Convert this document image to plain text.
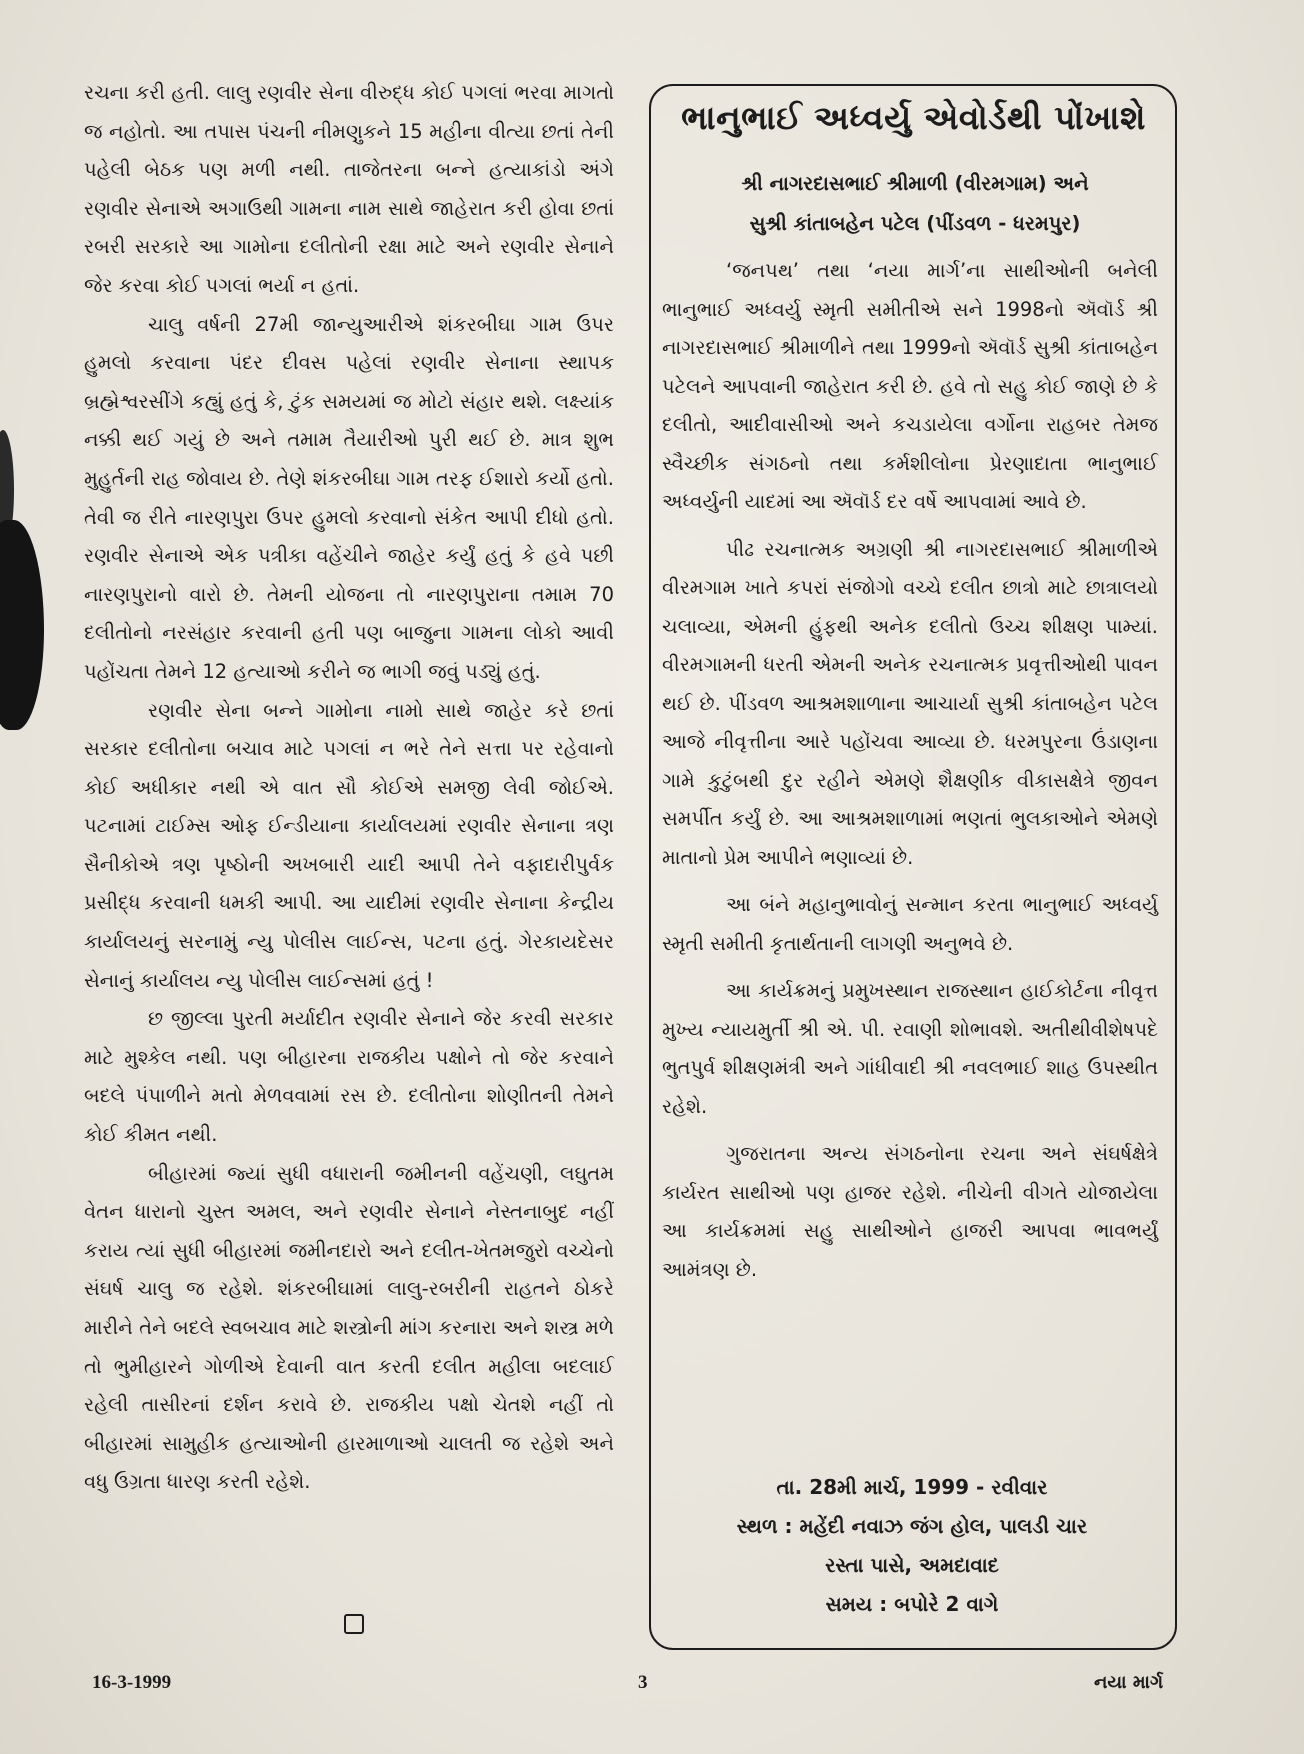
રચના કરી હતી. લાલુ રણવીર સેના વીરુદ્ધ કોઈ પગલાં ભરવા માગતો જ નહોતો. આ તપાસ પંચની નીમણુકને 15 મહીના વીત્યા છતાં તેની પહેલી બેઠક પણ મળી નથી. તાજેતરના બન્ને હત્યાકાંડો અંગે રણવીર સેનાએ અગાઉથી ગામના નામ સાથે જાહેરાત કરી હોવા છતાં રબરી સરકારે આ ગામોના દલીતોની રક્ષા માટે અને રણવીર સેનાને જેર કરવા કોઈ પગલાં ભર્યા ન હતાં.

ચાલુ વર્ષની 27મી જાન્યુઆરીએ શંકરબીઘા ગામ ઉપર હુમલો કરવાના પંદર દીવસ પહેલાં રણવીર સેનાના સ્થાપક બ્રહ્મેશ્વરસીંગે કહ્યું હતું કે, ટુંક સમયમાં જ મોટો સંહાર થશે. લક્ષ્યાંક નક્કી થઈ ગયું છે અને તમામ તૈયારીઓ પુરી થઈ છે. માત્ર શુભ મુહુર્તની રાહ જોવાય છે. તેણે શંકરબીઘા ગામ તરફ ઈશારો કર્યો હતો. તેવી જ રીતે નારણપુરા ઉપર હુમલો કરવાનો સંકેત આપી દીધો હતો. રણવીર સેનાએ એક પત્રીકા વહેંચીને જાહેર કર્યું હતું કે હવે પછી નારણપુરાનો વારો છે. તેમની યોજના તો નારણપુરાના તમામ 70 દલીતોનો નરસંહાર કરવાની હતી પણ બાજુના ગામના લોકો આવી પહોંચતા તેમને 12 હત્યાઓ કરીને જ ભાગી જવું પડ્યું હતું.

રણવીર સેના બન્ને ગામોના નામો સાથે જાહેર કરે છતાં સરકાર દલીતોના બચાવ માટે પગલાં ન ભરે તેને સત્તા પર રહેવાનો કોઈ અધીકાર નથી એ વાત સૌ કોઈએ સમજી લેવી જોઈએ. પટનામાં ટાઈમ્સ ઓફ ઈન્ડીયાના કાર્યાલયમાં રણવીર સેનાના ત્રણ સૈનીકોએ ત્રણ પૃષ્ઠોની અખબારી યાદી આપી તેને વફાદારીપુર્વક પ્રસીદ્ધ કરવાની ધમકી આપી. આ યાદીમાં રણવીર સેનાના કેન્દ્રીય કાર્યાલયનું સરનામું ન્યુ પોલીસ લાઈન્સ, પટના હતું. ગેરકાયદેસર સેનાનું કાર્યાલય ન્યુ પોલીસ લાઈન્સમાં હતું !

છ જીલ્લા પુરતી મર્યાદીત રણવીર સેનાને જેર કરવી સરકાર માટે મુશ્કેલ નથી. પણ બીહારના રાજકીય પક્ષોને તો જેર કરવાને બદલે પંપાળીને મતો મેળવવામાં રસ છે. દલીતોના શોણીતની તેમને કોઈ કીમત નથી.

બીહારમાં જ્યાં સુધી વધારાની જમીનની વહેંચણી, લઘુતમ વેતન ધારાનો ચુસ્ત અમલ, અને રણવીર સેનાને નેસ્તનાબુદ નહીં કરાય ત્યાં સુધી બીહારમાં જમીનદારો અને દલીત-ખેતમજુરો વચ્ચેનો સંઘર્ષ ચાલુ જ રહેશે. શંકરબીઘામાં લાલુ-રબરીની રાહતને ઠોકરે મારીને તેને બદલે સ્વબચાવ માટે શસ્ત્રોની માંગ કરનારા અને શસ્ત્ર મળે તો ભુમીહારને ગોળીએ દેવાની વાત કરતી દલીત મહીલા બદલાઈ રહેલી તાસીરનાં દર્શન કરાવે છે. રાજકીય પક્ષો ચેતશે નહીં તો બીહારમાં સામુહીક હત્યાઓની હારમાળાઓ ચાલતી જ રહેશે અને વધુ ઉગ્રતા ધારણ કરતી રહેશે.

ભાનુભાઈ અધ્વર્યુ એવોર્ડથી પોંખાશે
શ્રી નાગરદાસભાઈ શ્રીમાળી (વીરમગામ) અને
સુશ્રી કાંતાબહેન પટેલ (પીંડવળ - ધરમપુર)

‘જનપથ’ તથા ‘નયા માર્ગ’ના સાથીઓની બનેલી ભાનુભાઈ અધ્વર્યુ સ્મૃતી સમીતીએ સને 1998નો ઍવૉર્ડ શ્રી નાગરદાસભાઈ શ્રીમાળીને તથા 1999નો ઍવૉર્ડ સુશ્રી કાંતાબહેન પટેલને આપવાની જાહેરાત કરી છે. હવે તો સહુ કોઈ જાણે છે કે દલીતો, આદીવાસીઓ અને કચડાયેલા વર્ગોના રાહબર તેમજ સ્વૈચ્છીક સંગઠનો તથા કર્મશીલોના પ્રેરણાદાતા ભાનુભાઈ અધ્વર્યુની યાદમાં આ ઍવૉર્ડ દર વર્ષે આપવામાં આવે છે.

પીઢ રચનાત્મક અગ્રણી શ્રી નાગરદાસભાઈ શ્રીમાળીએ વીરમગામ ખાતે કપરાં સંજોગો વચ્ચે દલીત છાત્રો માટે છાત્રાલયો ચલાવ્યા, એમની હુંફથી અનેક દલીતો ઉચ્ચ શીક્ષણ પામ્યાં. વીરમગામની ધરતી એમની અનેક રચનાત્મક પ્રવૃત્તીઓથી પાવન થઈ છે. પીંડવળ આશ્રમશાળાના આચાર્યા સુશ્રી કાંતાબહેન પટેલ આજે નીવૃત્તીના આરે પહોંચવા આવ્યા છે. ધરમપુરના ઉંડાણના ગામે કુટુંબથી દુર રહીને એમણે શૈક્ષણીક વીકાસક્ષેત્રે જીવન સમર્પીત કર્યું છે. આ આશ્રમશાળામાં ભણતાં ભુલકાઓને એમણે માતાનો પ્રેમ આપીને ભણાવ્યાં છે.

આ બંને મહાનુભાવોનું સન્માન કરતા ભાનુભાઈ અધ્વર્યુ સ્મૃતી સમીતી કૃતાર્થતાની લાગણી અનુભવે છે.

આ કાર્યક્રમનું પ્રમુખસ્થાન રાજસ્થાન હાઈકોર્ટના નીવૃત્ત મુખ્ય ન્યાયમુર્તી શ્રી એ. પી. રવાણી શોભાવશે. અતીથીવીશેષપદે ભુતપુર્વ શીક્ષણમંત્રી અને ગાંધીવાદી શ્રી નવલભાઈ શાહ ઉપસ્થીત રહેશે.

ગુજરાતના અન્ય સંગઠનોના રચના અને સંઘર્ષક્ષેત્રે કાર્યરત સાથીઓ પણ હાજર રહેશે. નીચેની વીગતે યોજાયેલા આ કાર્યક્રમમાં સહુ સાથીઓને હાજરી આપવા ભાવભર્યું આમંત્રણ છે.

તા. 28મી માર્ચ, 1999 - રવીવાર
સ્થળ : મહેંદી નવાઝ જંગ હોલ, પાલડી ચાર
રસ્તા પાસે, અમદાવાદ
સમય : બપોરે 2 વાગે
16-3-1999	3	નયા માર્ગ
